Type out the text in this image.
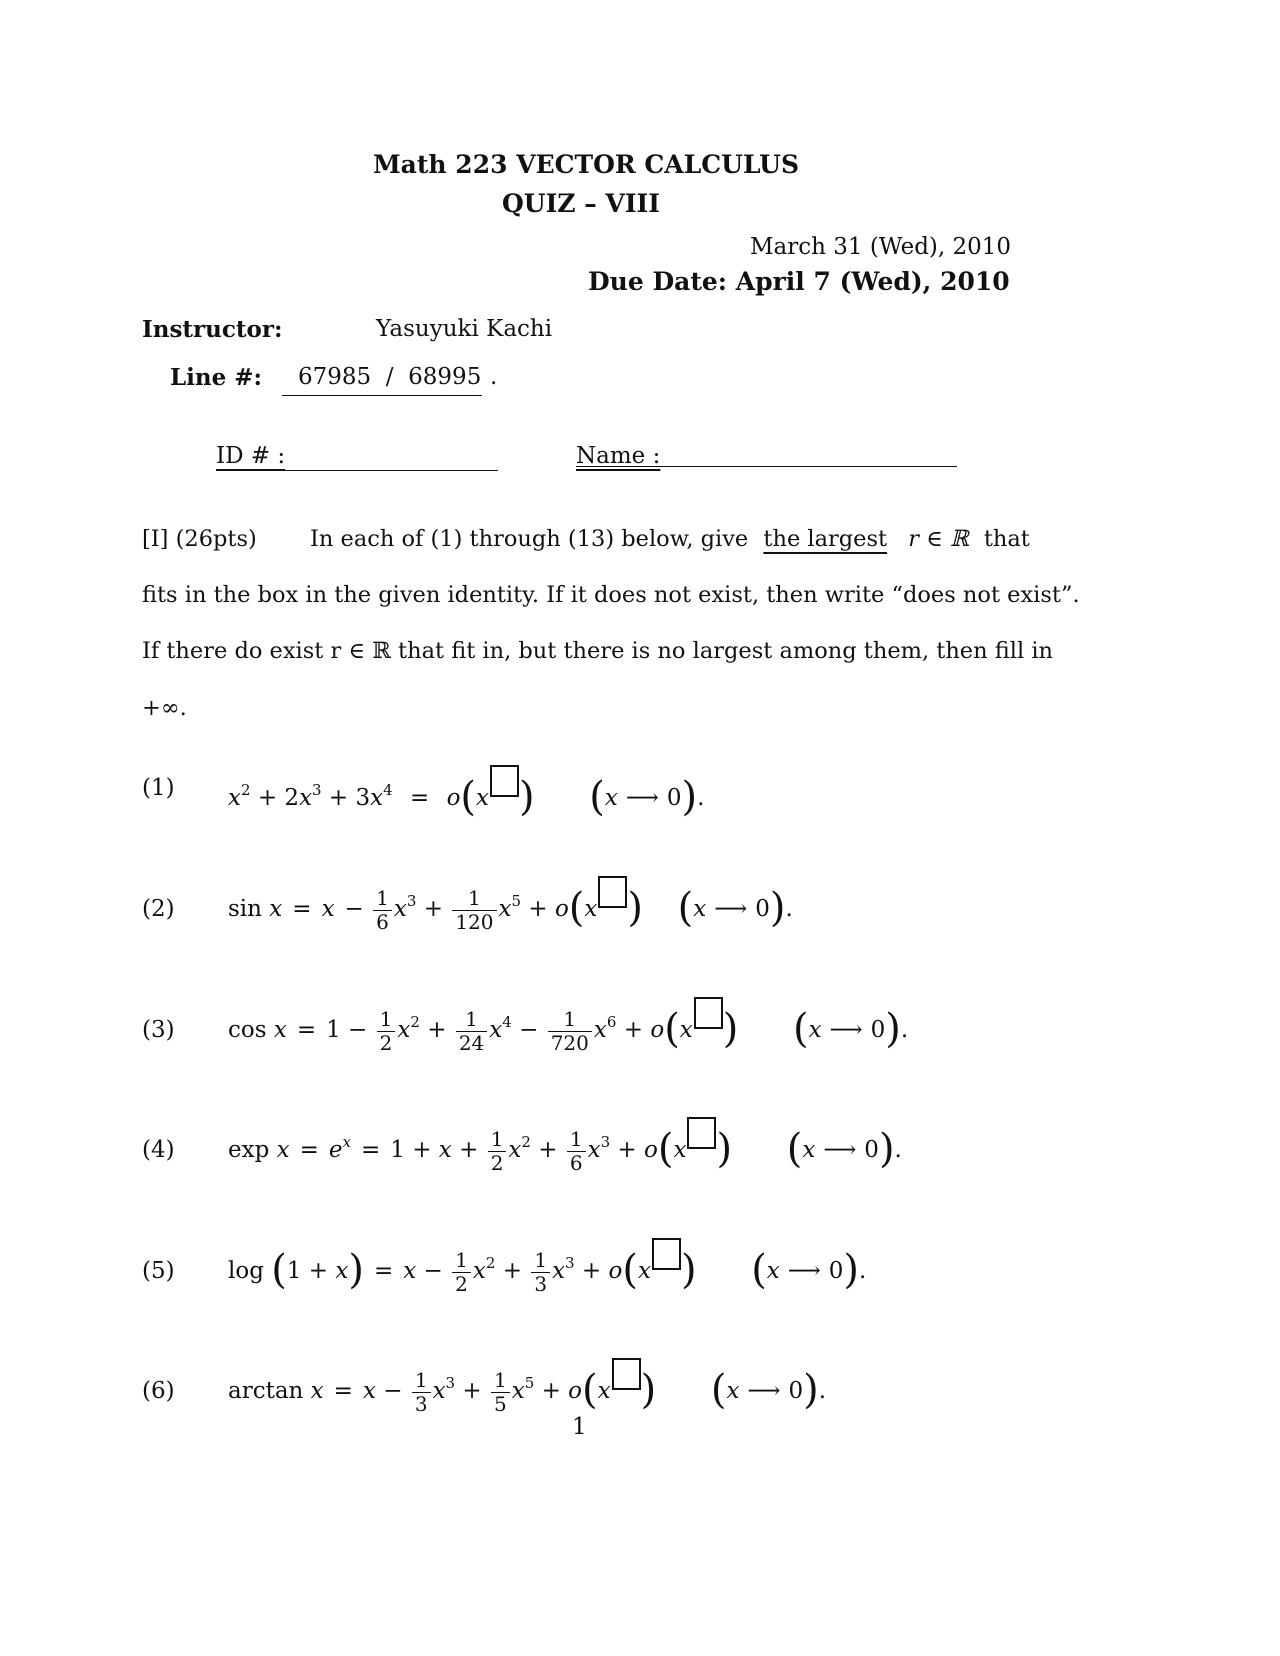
Math 223 VECTOR CALCULUS
QUIZ – VIII
March 31 (Wed), 2010
Due Date: April 7 (Wed), 2010
Instructor:	Yasuyuki Kachi
Line #: 67985  /  68995 .
ID # :	Name :
[I] (26pts) In each of (1) through (13) below, give the largest r ∈ ℝ that
fits in the box in the given identity. If it does not exist, then write “does not exist”.
If there do exist r ∈ ℝ that fit in, but there is no largest among them, then fill in
+∞.
(1) $x^2 + 2x^3 + 3x^4 = o(x$ ) (x ⟶ 0).
(2) $\sin x = x - \frac{1}{6} x^3 + \frac{1}{120} x^5 + o(x$ ) (x ⟶ 0).
(3) $\cos x = 1 - \frac{1}{2} x^2 + \frac{1}{24} x^4 - \frac{1}{720} x^6 + o(x$ ) (x ⟶ 0).
(4) $\exp x = e^x = 1 + x + \frac{1}{2} x^2 + \frac{1}{6} x^3 + o(x$ ) (x ⟶ 0).
(5) $\log (1 + x) = x - \frac{1}{2} x^2 + \frac{1}{3} x^3 + o(x$ ) (x ⟶ 0).
(6) $\arctan x = x - \frac{1}{3} x^3 + \frac{1}{5} x^5 + o(x$ ) (x ⟶ 0).
1
